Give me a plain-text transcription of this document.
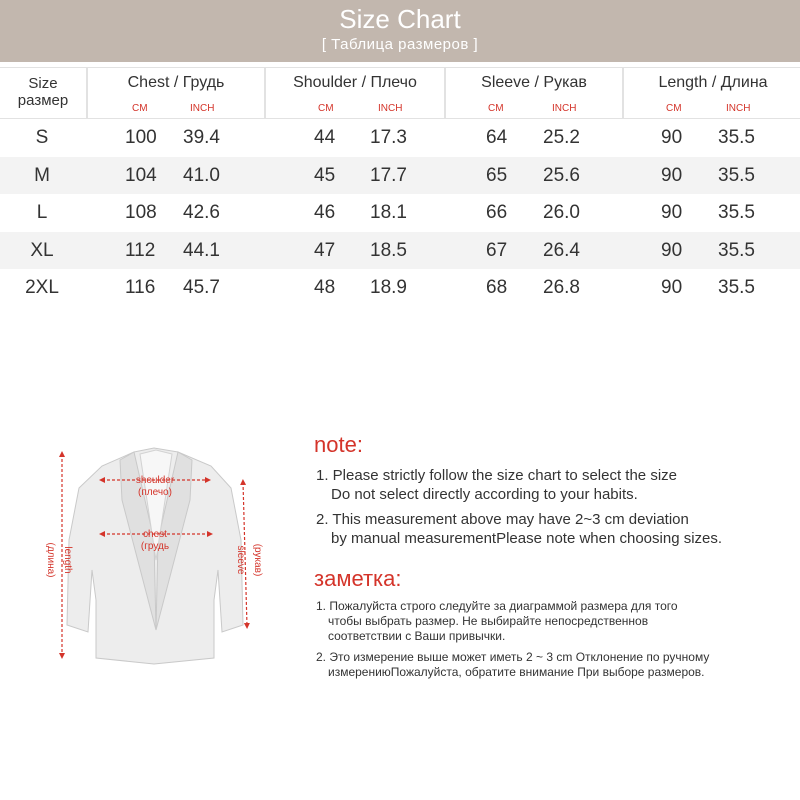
Size Chart
[ Таблица размеров ]
Size
размер
Chest / Грудь
CM	INCH
Shoulder / Плечо
CM	INCH
Sleeve / Рукав
CM	INCH
Length / Длина
CM	INCH
S	100 39.4	44 17.3	64 25.2	90 35.5
M	104 41.0	45 17.7	65 25.6	90 35.5
L	108 42.6	46 18.1	66 26.0	90 35.5
XL	112 44.1	47 18.5	67 26.4	90 35.5
2XL	116 45.7	48 18.9	68 26.8	90 35.5
shoulder
(плечо)
chest
(грудь
(длина) length	(рукав)
sleeve
note:
1. Please strictly follow the size chart to select the size
Do not select directly according to your habits.
2. This measurement above may have 2~3 cm deviation
by manual measurementPlease note when choosing sizes.
заметка:
1. Пожалуйста строго следуйте за диаграммой размера для того
чтобы выбрать размер. Не выбирайте непосредственнов
соответствии с Ваши привычки.
2. Это измерение выше может иметь 2 ~ 3 cm Отклонение по ручному
измерениюПожалуйста, обратите внимание При выборе размеров.
